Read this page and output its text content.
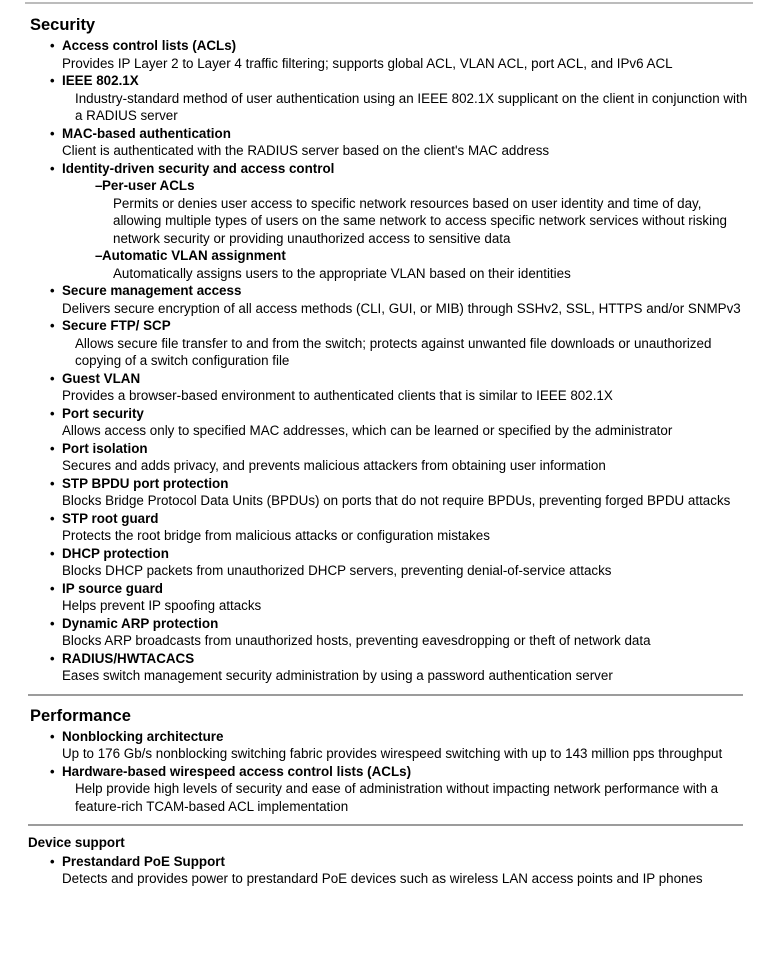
Security
• Access control lists (ACLs)
Provides IP Layer 2 to Layer 4 traffic filtering; supports global ACL, VLAN ACL, port ACL, and IPv6 ACL
• IEEE 802.1X
Industry-standard method of user authentication using an IEEE 802.1X supplicant on the client in conjunction with a RADIUS server
• MAC-based authentication
Client is authenticated with the RADIUS server based on the client's MAC address
• Identity-driven security and access control
– Per-user ACLs
Permits or denies user access to specific network resources based on user identity and time of day, allowing multiple types of users on the same network to access specific network services without risking network security or providing unauthorized access to sensitive data
– Automatic VLAN assignment
Automatically assigns users to the appropriate VLAN based on their identities
• Secure management access
Delivers secure encryption of all access methods (CLI, GUI, or MIB) through SSHv2, SSL, HTTPS and/or SNMPv3
• Secure FTP/ SCP
Allows secure file transfer to and from the switch; protects against unwanted file downloads or unauthorized copying of a switch configuration file
• Guest VLAN
Provides a browser-based environment to authenticated clients that is similar to IEEE 802.1X
• Port security
Allows access only to specified MAC addresses, which can be learned or specified by the administrator
• Port isolation
Secures and adds privacy, and prevents malicious attackers from obtaining user information
• STP BPDU port protection
Blocks Bridge Protocol Data Units (BPDUs) on ports that do not require BPDUs, preventing forged BPDU attacks
• STP root guard
Protects the root bridge from malicious attacks or configuration mistakes
• DHCP protection
Blocks DHCP packets from unauthorized DHCP servers, preventing denial-of-service attacks
• IP source guard
Helps prevent IP spoofing attacks
• Dynamic ARP protection
Blocks ARP broadcasts from unauthorized hosts, preventing eavesdropping or theft of network data
• RADIUS/HWTACACS
Eases switch management security administration by using a password authentication server
Performance
• Nonblocking architecture
Up to 176 Gb/s nonblocking switching fabric provides wirespeed switching with up to 143 million pps throughput
• Hardware-based wirespeed access control lists (ACLs)
Help provide high levels of security and ease of administration without impacting network performance with a feature-rich TCAM-based ACL implementation
Device support
• Prestandard PoE Support
Detects and provides power to prestandard PoE devices such as wireless LAN access points and IP phones
